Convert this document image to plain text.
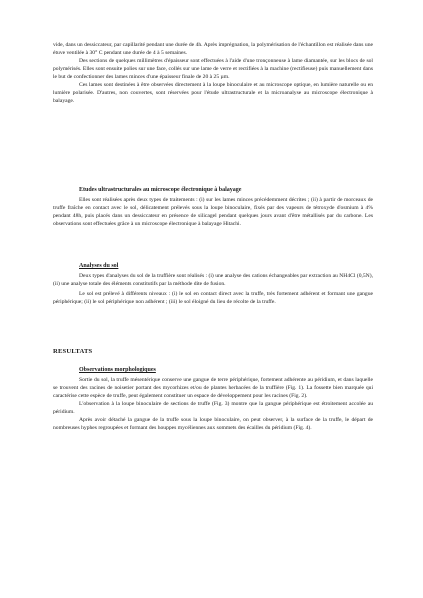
vide, dans un dessiccateur, par capillarité pendant une durée de 4h. Après imprégnation, la polymérisation de l'échantillon est réalisée dans une étuve ventilée à 30° C pendant une durée de 4 à 5 semaines.

Des sections de quelques millimètres d'épaisseur sont effectuées à l'aide d'une tronçonneuse à lame diamantée, sur les blocs de sol polymérisés. Elles sont ensuite polies sur une face, collés sur une lame de verre et rectifiées à la machine (rectifieuse) puis manuellement dans le but de confectionner des lames minces d'une épaisseur finale de 20 à 25 µm.

Ces lames sont destinées à être observées directement à la loupe binoculaire et au microscope optique, en lumière naturelle ou en lumière polarisée. D'autres, non couvertes, sont réservées pour l'étude ultrastructurale et la microanalyse au microscope électronique à balayage.

Etudes ultrastructurales au microscope électronique à balayage

Elles sont réalisées après deux types de traitements : (i) sur les lames minces précédemment décrites ; (ii) à partir de morceaux de truffe fraîche en contact avec le sol, délicatement prélevés sous la loupe binoculaire, fixés par des vapeurs de tétroxyde d'osmium à 4% pendant 48h, puis placés dans un dessiccateur en présence de silicagel pendant quelques jours avant d'être métallisés par du carbone. Les observations sont effectuées grâce à un microscope électronique à balayage Hitachi.

Analyses du sol

Deux types d'analyses du sol de la truffière sont réalisés : (i) une analyse des cations échangeables par extraction au NH4Cl (0,5N), (ii) une analyse totale des éléments constitutifs par la méthode dite de fusion.

Le sol est prélevé à différents niveaux : (i) le sol en contact direct avec la truffe, très fortement adhérent et formant une gangue périphérique; (ii) le sol périphérique non adhérent ; (iii) le sol éloigné du lieu de récolte de la truffe.

RESULTATS
Observations morphologiques

Sortie du sol, la truffe mésentérique conserve une gangue de terre périphérique, fortement adhérente au péridium, et dans laquelle se trouvent des racines de noisetier portant des mycorhizes et/ou de plantes herbacées de la truffière (Fig. 1). La fossette bien marquée qui caractérise cette espèce de truffe, peut également constituer un espace de développement pour les racines (Fig. 2).

L'observation à la loupe binoculaire de sections de truffe (Fig. 3) montre que la gangue périphérique est étroitement accolée au péridium.

Après avoir détaché la gangue de la truffe sous la loupe binoculaire, on peut observer, à la surface de la truffe, le départ de nombreuses hyphes regroupées et formant des houppes mycéliennes aux sommets des écailles du péridium (Fig. 4).
